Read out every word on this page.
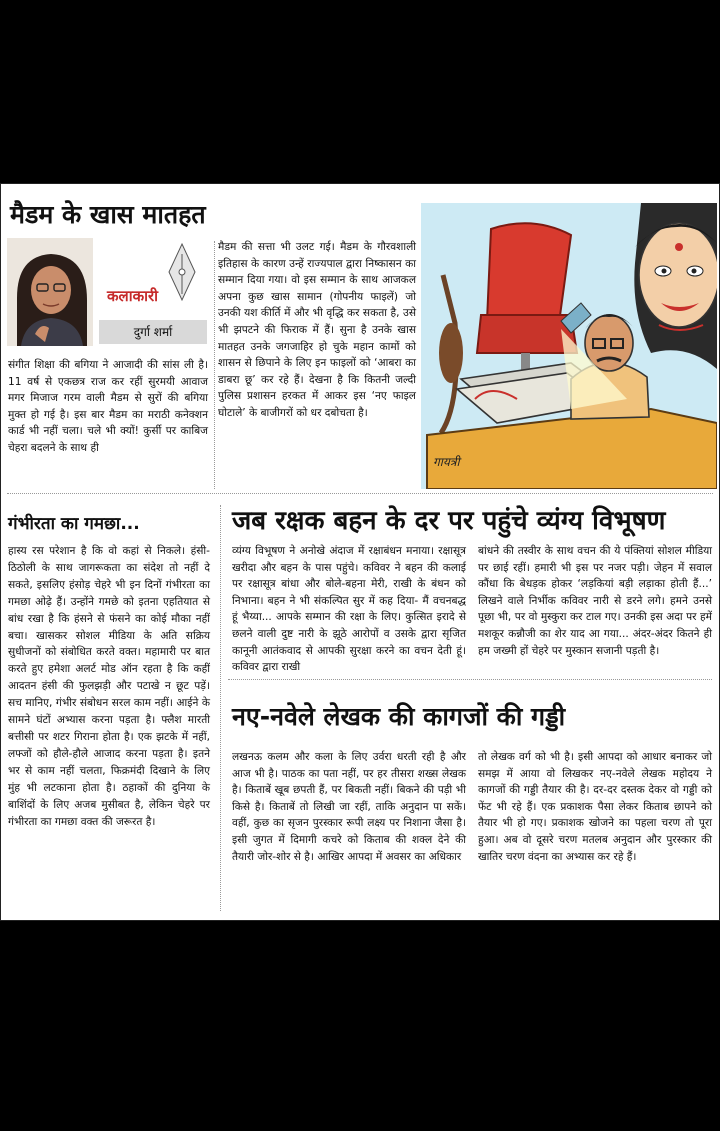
मैडम के खास मातहत
कलाकारी
दुर्गा शर्मा

संगीत शिक्षा की बगिया ने आजादी की सांस ली है। 11 वर्ष से एकछत्र राज कर रहीं सुरमयी आवाज मगर मिजाज गरम वाली मैडम से सुरों की बगिया मुक्त हो गई है। इस बार मैडम का मराठी कनेक्शन कार्ड भी नहीं चला। चले भी क्यों! कुर्सी पर काबिज चेहरा बदलने के साथ ही

मैडम की सत्ता भी उलट गई। मैडम के गौरवशाली इतिहास के कारण उन्हें राज्यपाल द्वारा निष्कासन का सम्मान दिया गया। वो इस सम्मान के साथ आजकल अपना कुछ खास सामान (गोपनीय फाइलें) जो उनकी यश कीर्ति में और भी वृद्धि कर सकता है, उसे भी झपटने की फिराक में हैं। सुना है उनके खास मातहत उनके जगजाहिर हो चुके महान कामों को शासन से छिपाने के लिए इन फाइलों को ‘आबरा का डाबरा छू’ कर रहे हैं। देखना है कि कितनी जल्दी पुलिस प्रशासन हरकत में आकर इस ‘नए फाइल घोटाले’ के बाजीगरों को धर दबोचता है।

गायत्री
गंभीरता का गमछा...

हास्य रस परेशान है कि वो कहां से निकले। हंसी-ठिठोली के साथ जागरूकता का संदेश तो नहीं दे सकते, इसलिए हंसोड़ चेहरे भी इन दिनों गंभीरता का गमछा ओढ़े हैं। उन्होंने गमछे को इतना एहतियात से बांध रखा है कि हंसने से फंसने का कोई मौका नहीं बचा। खासकर सोशल मीडिया के अति सक्रिय सुधीजनों को संबोधित करते वक्त। महामारी पर बात करते हुए हमेशा अलर्ट मोड ऑन रहता है कि कहीं आदतन हंसी की फुलझड़ी और पटाखे न छूट पड़ें। सच मानिए, गंभीर संबोधन सरल काम नहीं। आईने के सामने घंटों अभ्यास करना पड़ता है। फ्लैश मारती बत्तीसी पर शटर गिराना होता है। एक झटके में नहीं, लफ्जों को हौले-हौले आजाद करना पड़ता है। इतने भर से काम नहीं चलता, फिक्रमंदी दिखाने के लिए मुंह भी लटकाना होता है। ठहाकों की दुनिया के बाशिंदों के लिए अजब मुसीबत है, लेकिन चेहरे पर गंभीरता का गमछा वक्त की जरूरत है।

जब रक्षक बहन के दर पर पहुंचे व्यंग्य विभूषण

व्यंग्य विभूषण ने अनोखे अंदाज में रक्षाबंधन मनाया। रक्षासूत्र खरीदा और बहन के पास पहुंचे। कविवर ने बहन की कलाई पर रक्षासूत्र बांधा और बोले-बहना मेरी, राखी के बंधन को निभाना। बहन ने भी संकल्पित सुर में कह दिया- मैं वचनबद्ध हूं भैय्या... आपके सम्मान की रक्षा के लिए। कुत्सित इरादे से छलने वाली दुष्ट नारी के झूठे आरोपों व उसके द्वारा सृजित कानूनी आतंकवाद से आपकी सुरक्षा करने का वचन देती हूं। कविवर द्वारा राखी

बांधने की तस्वीर के साथ वचन की ये पंक्तियां सोशल मीडिया पर छाई रहीं। हमारी भी इस पर नजर पड़ी। जेहन में सवाल कौंधा कि बेधड़क होकर ‘लड़कियां बड़ी लड़ाका होती हैं...’ लिखने वाले निर्भीक कविवर नारी से डरने लगे। हमने उनसे पूछा भी, पर वो मुस्कुरा कर टाल गए। उनकी इस अदा पर हमें मशकूर कन्नौजी का शेर याद आ गया... अंदर-अंदर कितने ही हम जख्मी हों चेहरे पर मुस्कान सजानी पड़ती है।

नए-नवेले लेखक की कागजों की गड्डी

लखनऊ कलम और कला के लिए उर्वरा धरती रही है और आज भी है। पाठक का पता नहीं, पर हर तीसरा शख्स लेखक है। किताबें खूब छपती हैं, पर बिकती नहीं। बिकने की पड़ी भी किसे है। किताबें तो लिखी जा रहीं, ताकि अनुदान पा सकें। वहीं, कुछ का सृजन पुरस्कार रूपी लक्ष्य पर निशाना जैसा है। इसी जुगत में दिमागी कचरे को किताब की शक्ल देने की तैयारी जोर-शोर से है। आखिर आपदा में अवसर का अधिकार

तो लेखक वर्ग को भी है। इसी आपदा को आधार बनाकर जो समझ में आया वो लिखकर नए-नवेले लेखक महोदय ने कागजों की गड्डी तैयार की है। दर-दर दस्तक देकर वो गड्डी को फेंट भी रहे हैं। एक प्रकाशक पैसा लेकर किताब छापने को तैयार भी हो गए। प्रकाशक खोजने का पहला चरण तो पूरा हुआ। अब वो दूसरे चरण मतलब अनुदान और पुरस्कार की खातिर चरण वंदना का अभ्यास कर रहे हैं।
